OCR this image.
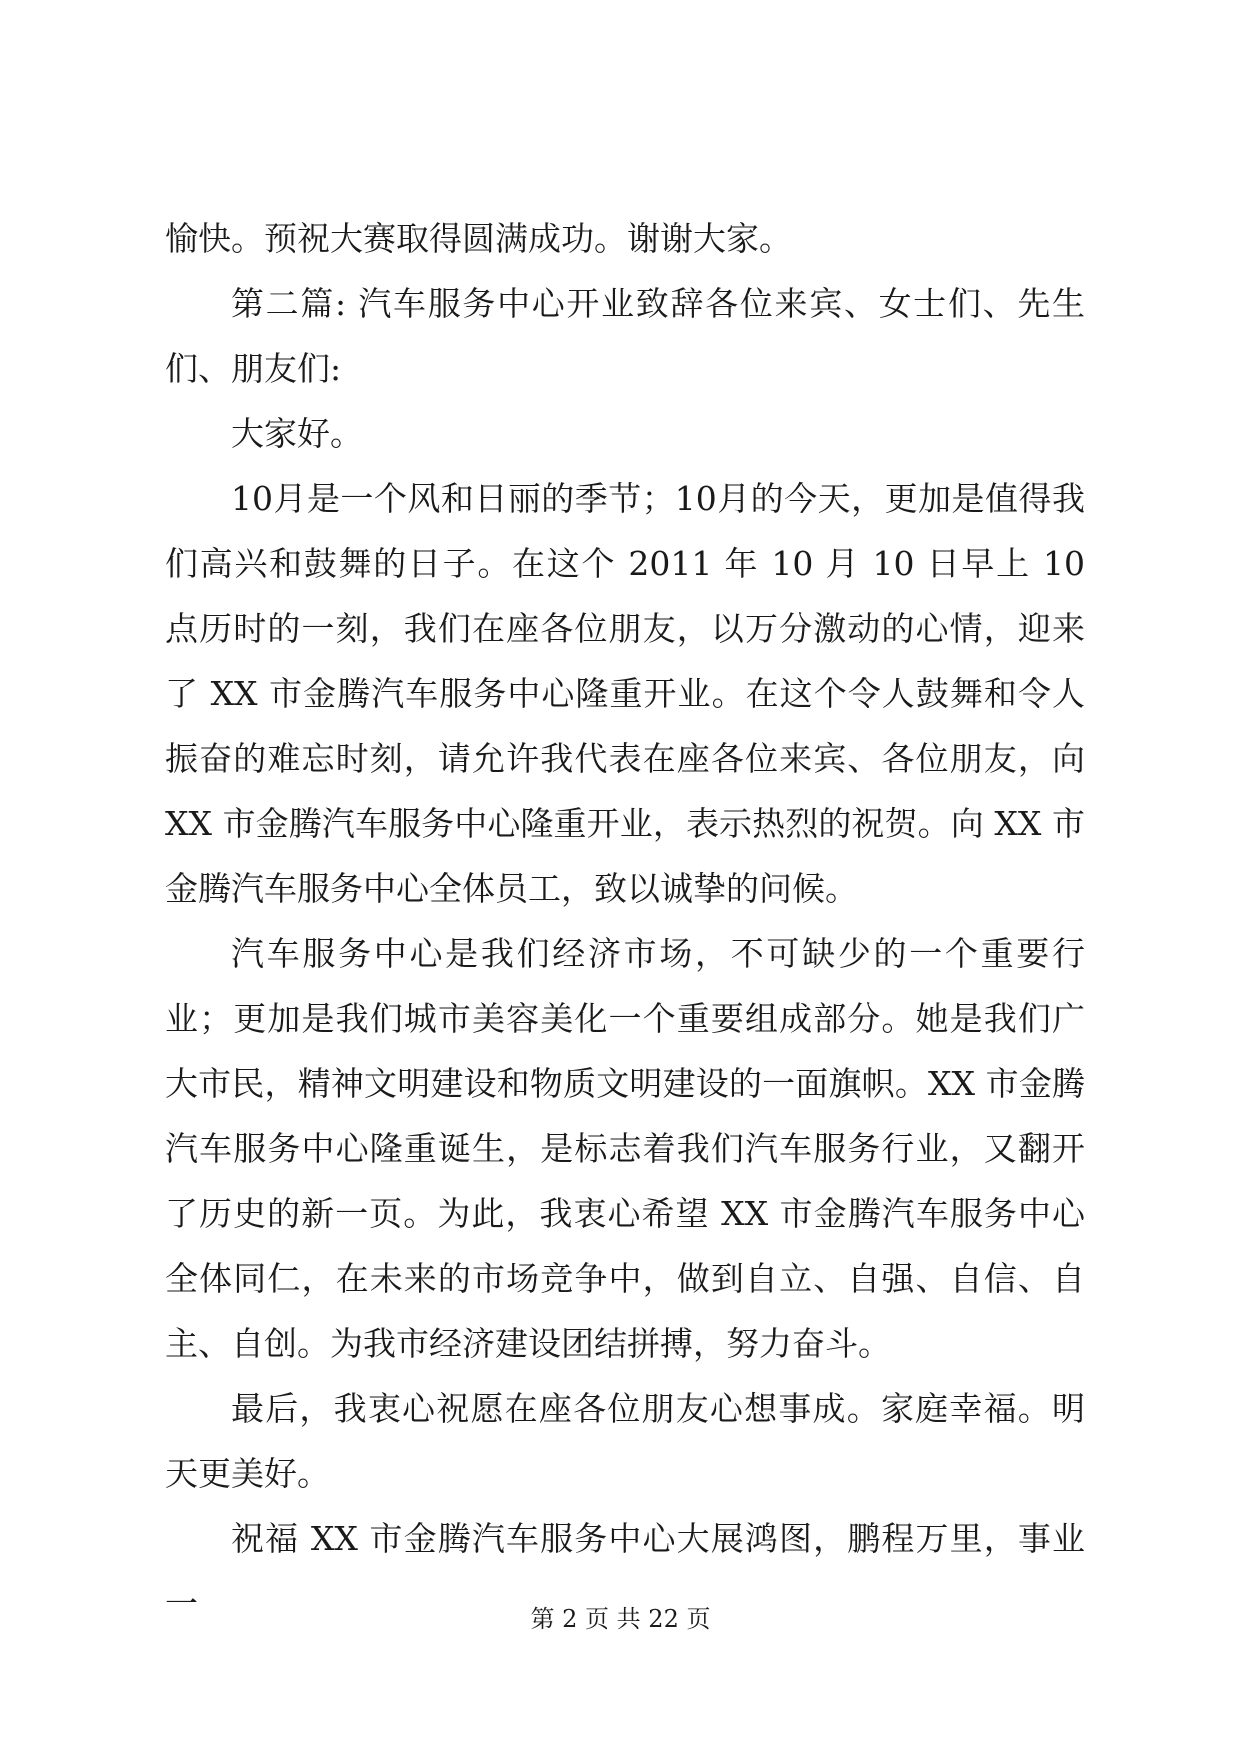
愉快。预祝大赛取得圆满成功。谢谢大家。

第二篇: 汽车服务中心开业致辞各位来宾、女士们、先生们、朋友们:

大家好。

10月是一个风和日丽的季节；10月的今天，更加是值得我们高兴和鼓舞的日子。在这个 2011 年 10 月 10 日早上 10 点历时的一刻，我们在座各位朋友，以万分激动的心情，迎来了 XX 市金腾汽车服务中心隆重开业。在这个令人鼓舞和令人振奋的难忘时刻，请允许我代表在座各位来宾、各位朋友，向 XX 市金腾汽车服务中心隆重开业，表示热烈的祝贺。向 XX 市金腾汽车服务中心全体员工，致以诚挚的问候。

汽车服务中心是我们经济市场，不可缺少的一个重要行业；更加是我们城市美容美化一个重要组成部分。她是我们广大市民，精神文明建设和物质文明建设的一面旗帜。XX 市金腾汽车服务中心隆重诞生，是标志着我们汽车服务行业，又翻开了历史的新一页。为此，我衷心希望 XX 市金腾汽车服务中心全体同仁，在未来的市场竞争中，做到自立、自强、自信、自主、自创。为我市经济建设团结拼搏，努力奋斗。

最后，我衷心祝愿在座各位朋友心想事成。家庭幸福。明天更美好。

祝福 XX 市金腾汽车服务中心大展鸿图，鹏程万里，事业一	第 2 页 共 22 页
